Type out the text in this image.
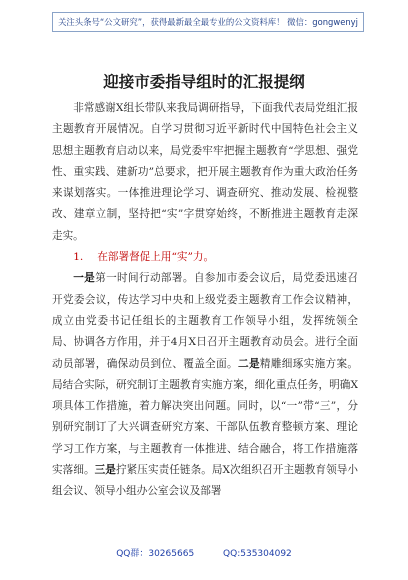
关注头条号“公文研究”，获得最新最全最专业的公文资料库！ 微信：gongwenyj
迎接市委指导组时的汇报提纲

非常感谢X组长带队来我局调研指导，下面我代表局党组汇报主题教育开展情况。自学习贯彻习近平新时代中国特色社会主义思想主题教育启动以来，局党委牢牢把握主题教育“学思想、强党性、重实践、建新功”总要求，把开展主题教育作为重大政治任务来谋划落实。一体推进理论学习、调查研究、推动发展、检视整改、建章立制，坚持把“实”字贯穿始终，不断推进主题教育走深走实。

1. 在部署督促上用“实”力。

一是第一时间行动部署。自参加市委会议后，局党委迅速召开党委会议，传达学习中央和上级党委主题教育工作会议精神，成立由党委书记任组长的主题教育工作领导小组，发挥统领全局、协调各方作用，并于4月X日召开主题教育动员会。进行全面动员部署，确保动员到位、覆盖全面。二是精雕细琢实施方案。局结合实际，研究制订主题教育实施方案，细化重点任务，明确X项具体工作措施，着力解决突出问题。同时，以“一”带“三”，分别研究制订了大兴调查研究方案、干部队伍教育整顿方案、理论学习工作方案，与主题教育一体推进、结合融合，将工作措施落实落细。三是拧紧压实责任链条。局X次组织召开主题教育领导小组会议、领导小组办公室会议及部署

QQ群：30265665	QQ:535304092
